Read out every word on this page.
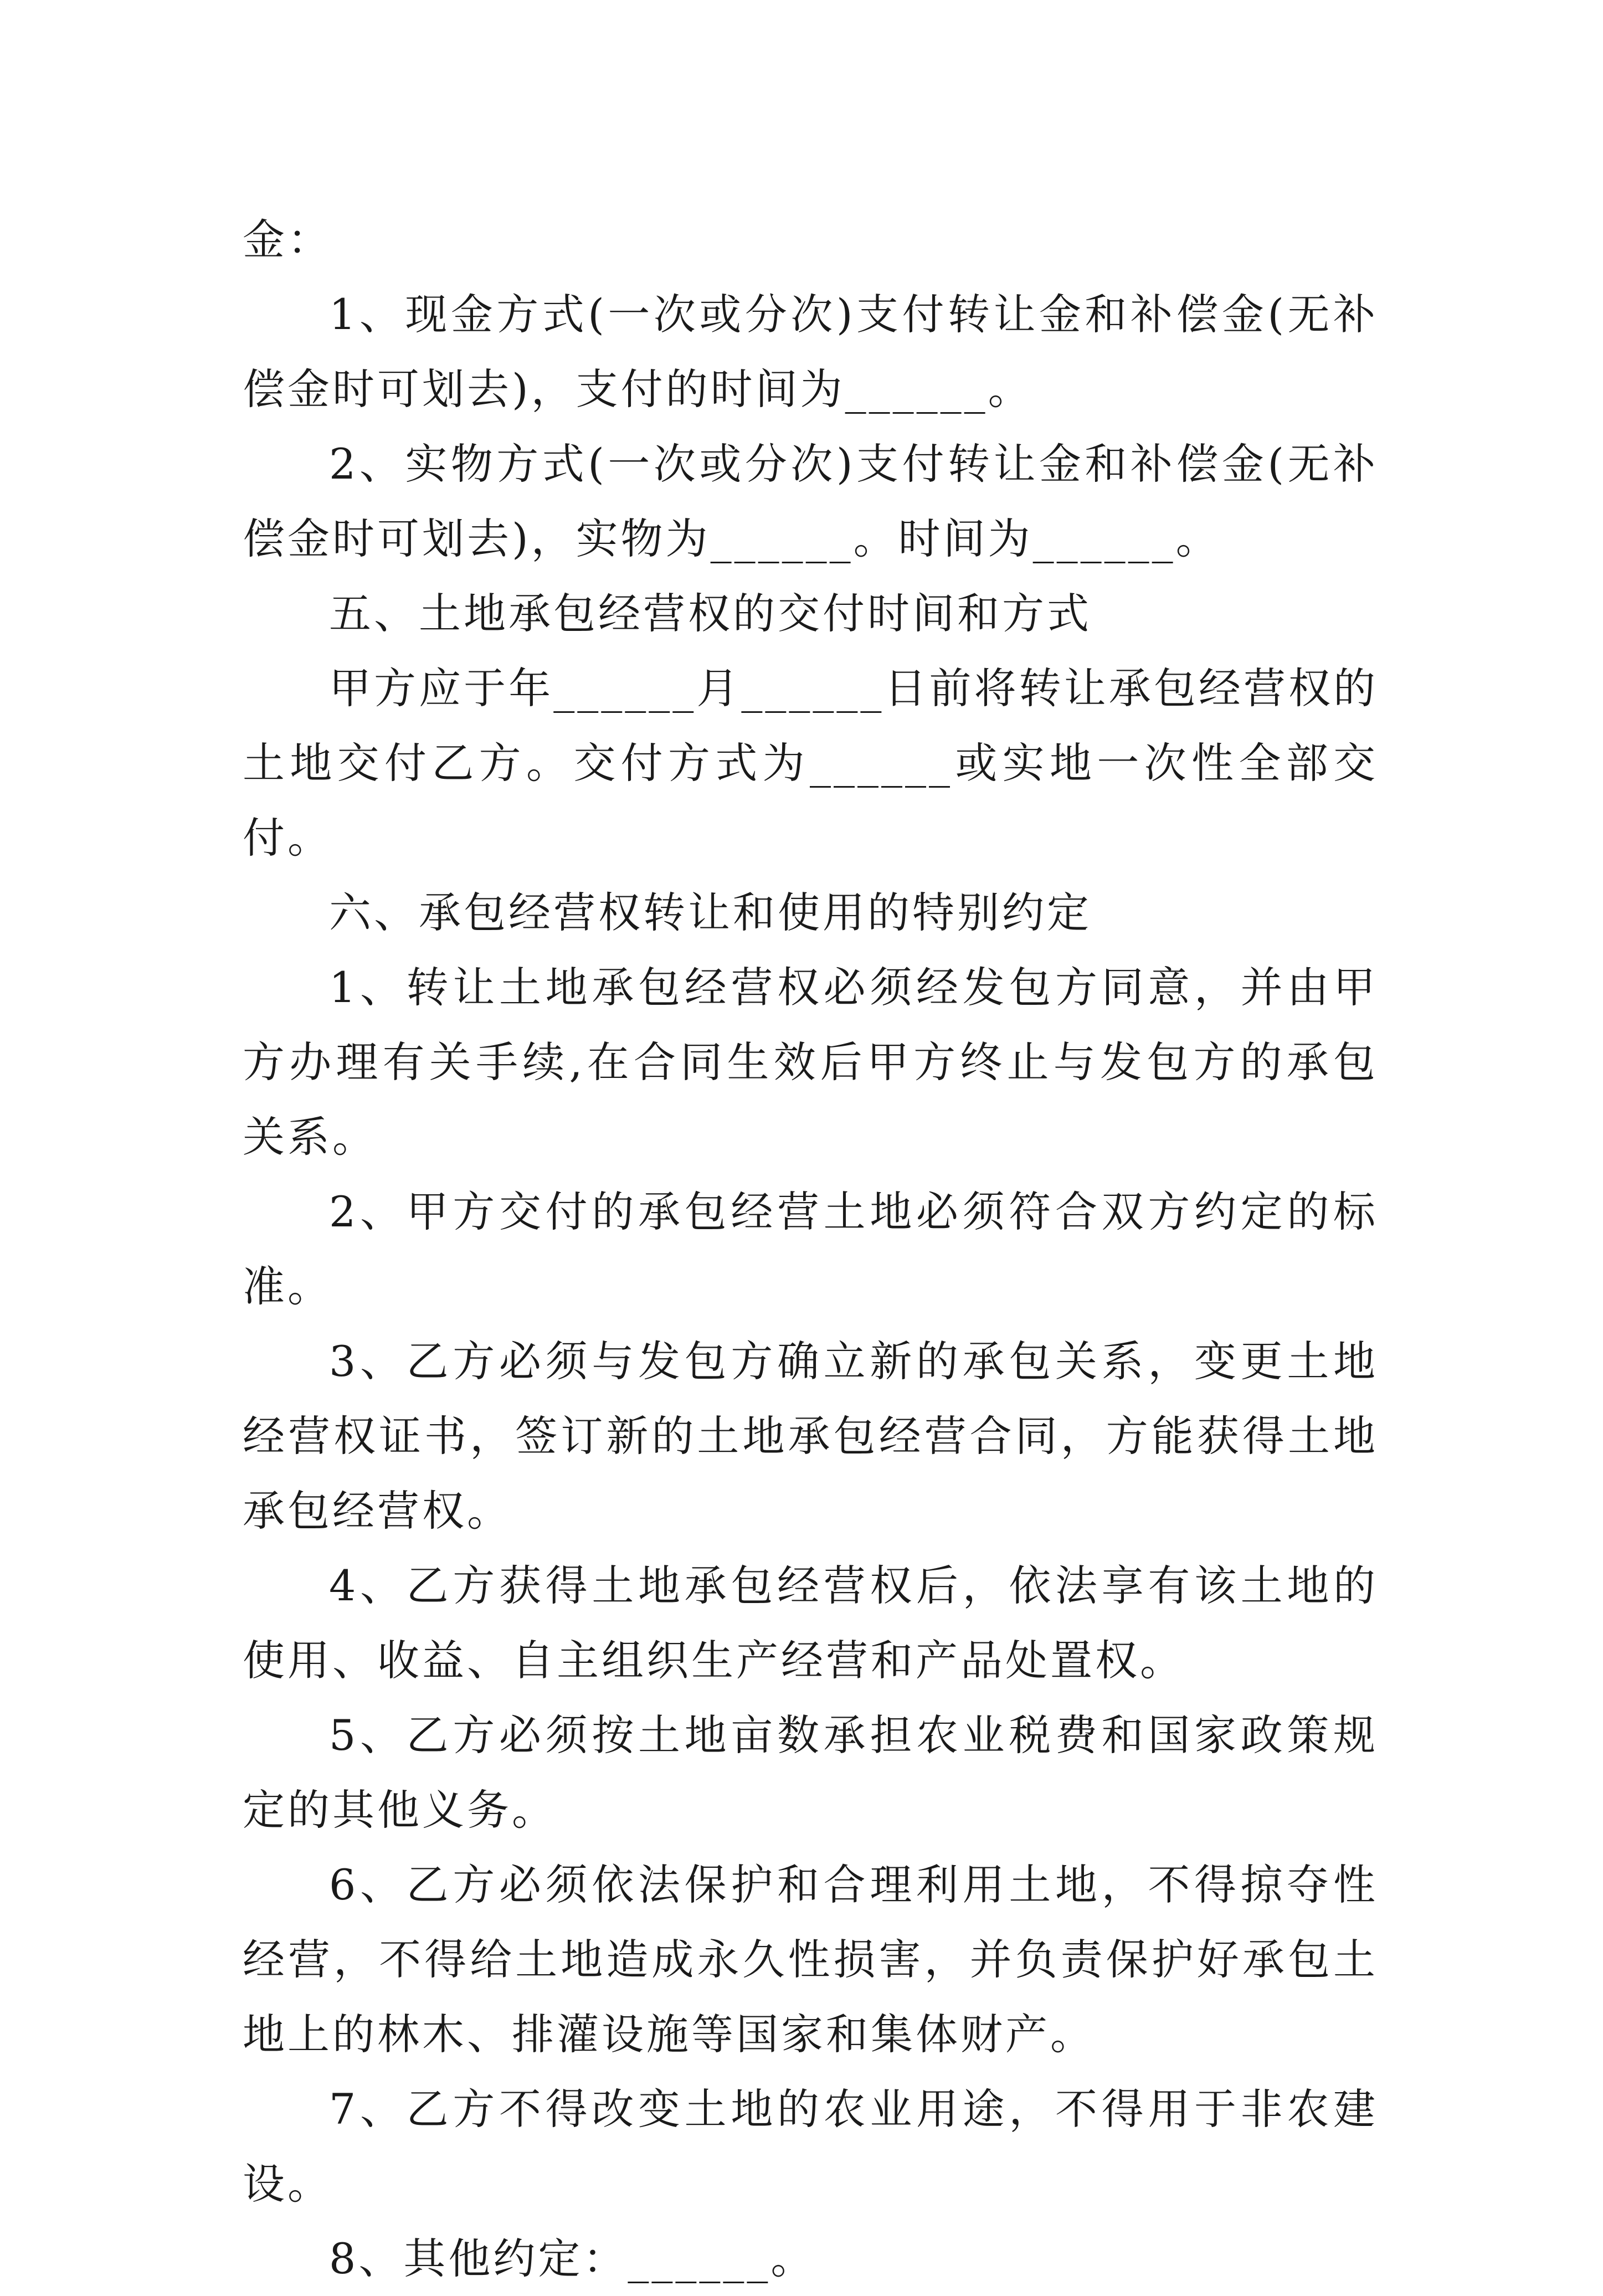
金：

1、现金方式(一次或分次)支付转让金和补偿金(无补偿金时可划去)，支付的时间为______。

2、实物方式(一次或分次)支付转让金和补偿金(无补偿金时可划去)，实物为______。时间为______。

五、土地承包经营权的交付时间和方式

甲方应于年______月______日前将转让承包经营权的土地交付乙方。交付方式为______或实地一次性全部交付。

六、承包经营权转让和使用的特别约定

1、转让土地承包经营权必须经发包方同意，并由甲方办理有关手续,在合同生效后甲方终止与发包方的承包关系。

2、甲方交付的承包经营土地必须符合双方约定的标准。

3、乙方必须与发包方确立新的承包关系，变更土地经营权证书，签订新的土地承包经营合同，方能获得土地承包经营权。

4、乙方获得土地承包经营权后，依法享有该土地的使用、收益、自主组织生产经营和产品处置权。

5、乙方必须按土地亩数承担农业税费和国家政策规定的其他义务。

6、乙方必须依法保护和合理利用土地，不得掠夺性经营，不得给土地造成永久性损害，并负责保护好承包土地上的林木、排灌设施等国家和集体财产。

7、乙方不得改变土地的农业用途，不得用于非农建设。

8、其他约定：______。
